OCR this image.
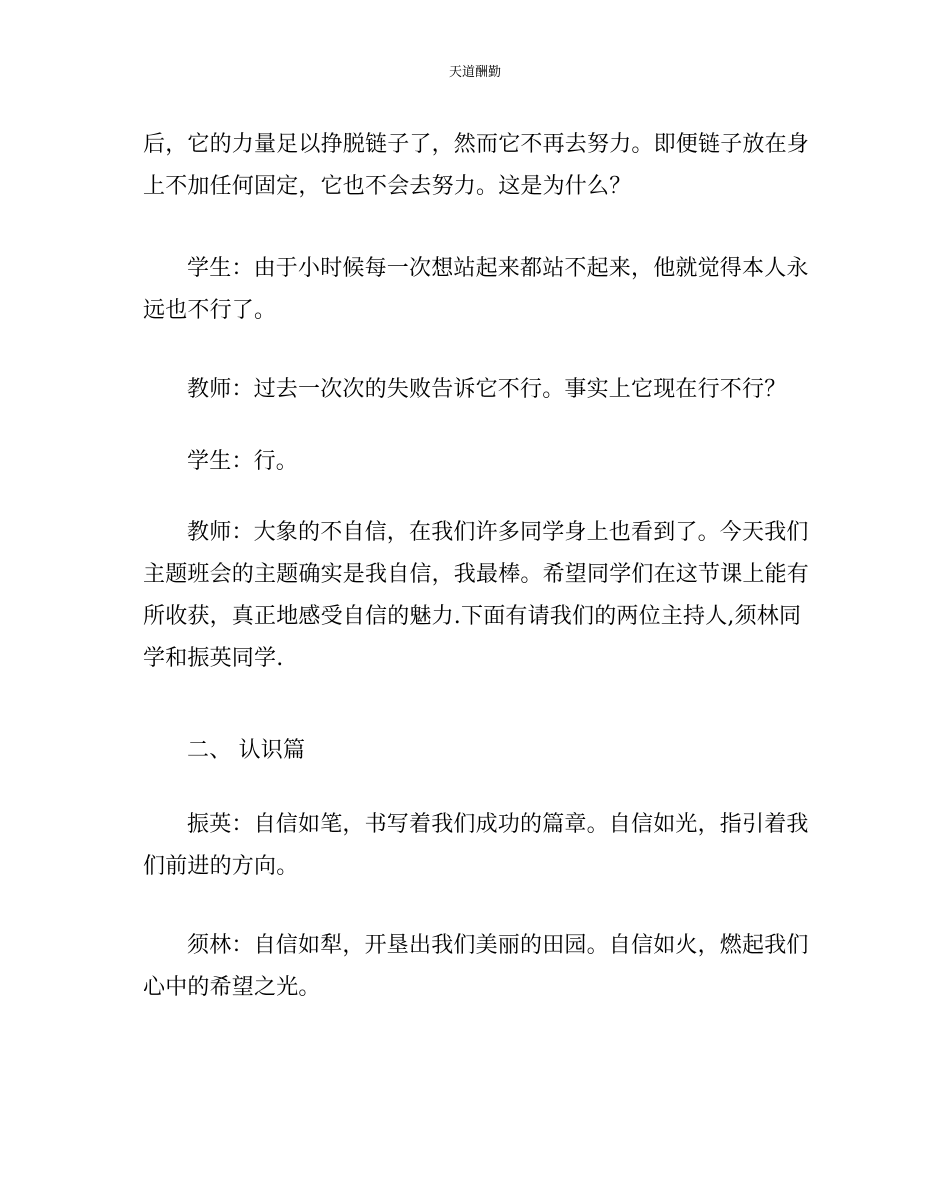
天道酬勤

后，它的力量足以挣脱链子了，然而它不再去努力。即便链子放在身
上不加任何固定，它也不会去努力。这是为什么？

学生：由于小时候每一次想站起来都站不起来，他就觉得本人永
远也不行了。

教师：过去一次次的失败告诉它不行。事实上它现在行不行？

学生：行。

教师：大象的不自信，在我们许多同学身上也看到了。今天我们
主题班会的主题确实是我自信，我最棒。希望同学们在这节课上能有
所收获，真正地感受自信的魅力.下面有请我们的两位主持人,须林同
学和振英同学.

二、 认识篇

振英：自信如笔，书写着我们成功的篇章。自信如光，指引着我
们前进的方向。

须林：自信如犁，开垦出我们美丽的田园。自信如火，燃起我们
心中的希望之光。
